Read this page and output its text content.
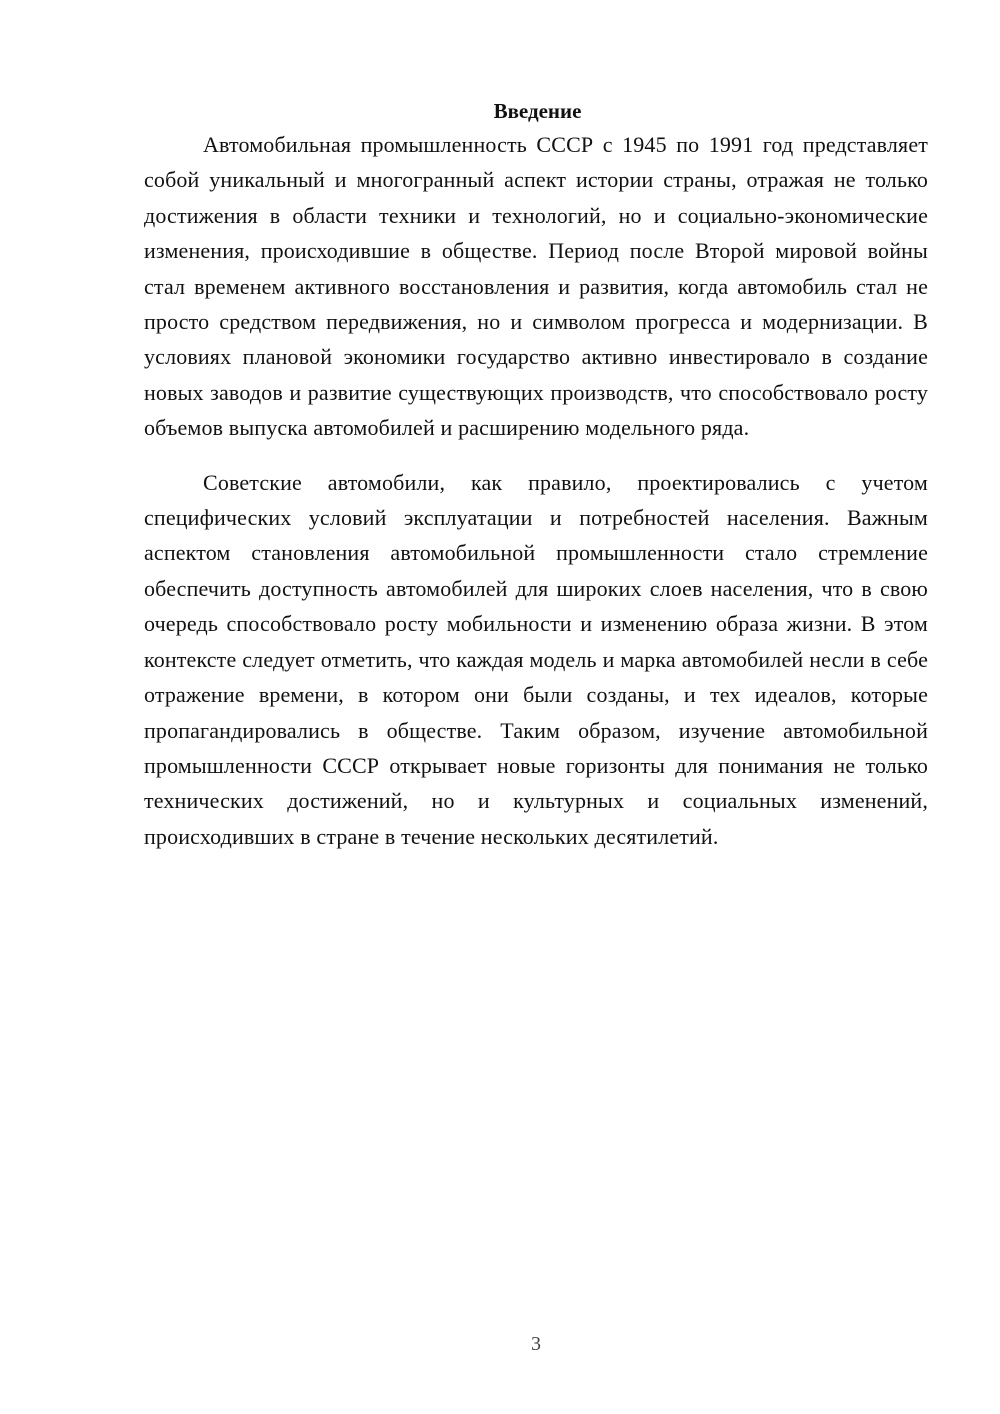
Введение

Автомобильная промышленность СССР с 1945 по 1991 год представляет собой уникальный и многогранный аспект истории страны, отражая не только достижения в области техники и технологий, но и социально-экономические изменения, происходившие в обществе. Период после Второй мировой войны стал временем активного восстановления и развития, когда автомобиль стал не просто средством передвижения, но и символом прогресса и модернизации. В условиях плановой экономики государство активно инвестировало в создание новых заводов и развитие существующих производств, что способствовало росту объемов выпуска автомобилей и расширению модельного ряда.

Советские автомобили, как правило, проектировались с учетом специфических условий эксплуатации и потребностей населения. Важным аспектом становления автомобильной промышленности стало стремление обеспечить доступность автомобилей для широких слоев населения, что в свою очередь способствовало росту мобильности и изменению образа жизни. В этом контексте следует отметить, что каждая модель и марка автомобилей несли в себе отражение времени, в котором они были созданы, и тех идеалов, которые пропагандировались в обществе. Таким образом, изучение автомобильной промышленности СССР открывает новые горизонты для понимания не только технических достижений, но и культурных и социальных изменений, происходивших в стране в течение нескольких десятилетий.

3
